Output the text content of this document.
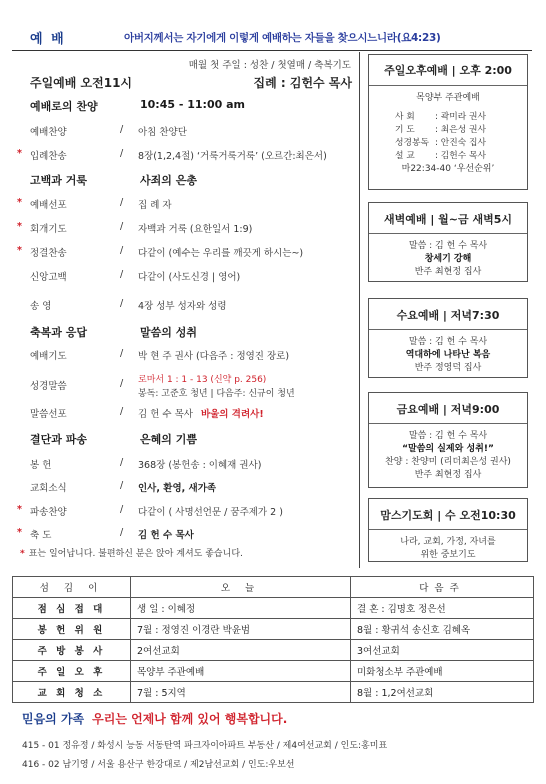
예 배	아버지께서는 자기에게 이렇게 예배하는 자들을 찾으시느니라(요4:23)
매월 첫 주일 : 성찬 / 첫열매 / 축복기도
주일예배 오전11시	집례 : 김헌수 목사
예배로의 찬양	10:45 - 11:00 am
예배찬양	/ 아침 찬양단
* 입례찬송	/ 8장(1,2,4절) ‘거룩거룩거룩’ (오르간:최은서)
고백과 거룩	사죄의 은총
* 예배선포	/ 집 례 자
* 회개기도	/ 자백과 거룩 (요한일서 1:9)
* 정결찬송	/ 다같이 (예수는 우리를 깨끗게 하시는~)
신앙고백	/ 다같이 (사도신경 | 영어)
송 영	/ 4장 성부 성자와 성령
축복과 응답	말씀의 성취
예배기도	/ 박 현 주 권사 (다음주 : 정영진 장로)
성경말씀	/ 로마서 1 : 1 - 13 (신약 p. 256)
봉독: 고준호 청년 | 다음주: 신규이 청년
말씀선포	/ 김 헌 수 목사 바울의 격려사!
결단과 파송	은혜의 기쁨
봉 헌	/ 368장 (봉헌송 : 이혜재 권사)
교회소식	/ 인사, 환영, 새가족
* 파송찬양	/ 다같이 ( 사명선언문 / 꿈주제가 2 )
* 축 도	/ 김 헌 수 목사
* 표는 일어납니다. 불편하신 분은 앉아 계셔도 좋습니다.
주일오후예배 | 오후 2:00

목양부 주관예배

사 회 : 곽미라 권사
기 도 : 최은성 권사
성경봉독 : 안진숙 집사
설 교 : 김헌수 목사

마22:34-40 ‘우선순위’

새벽예배 | 월~금 새벽5시

말씀 : 김 헌 수 목사

창세기 강해

반주 최현정 집사

수요예배 | 저녁7:30

말씀 : 김 헌 수 목사

역대하에 나타난 복음

반주 정영덕 집사

금요예배 | 저녁9:00

말씀 : 김 헌 수 목사

“말씀의 실제와 성취!”

찬양 : 찬양미 (리더최은성 권사)

반주 최현정 집사

맘스기도회 | 수 오전10:30

나라, 교회, 가정, 자녀를

위한 중보기도

섬 김 이	오 늘	다음주
점 심 접 대	생 일 : 이혜정	결 혼 : 김명호 정은선
봉 헌 위 원	7월 : 정영진 이경란 박윤범	8월 : 황귀석 송신호 김혜옥
주 방 봉 사	2여선교회	3여선교회
주 일 오 후	목양부 주관예배	미화청소부 주관예배
교 회 청 소	7월 : 5지역	8월 : 1,2여선교회
믿음의 가족 우리는 언제나 함께 있어 행복합니다.
415 - 01 정유정 / 화성시 능동 서동탄역 파크자이아파트 부동산 / 제4여선교회 / 인도:홍미표
416 - 02 남기영 / 서울 용산구 한강대로 / 제2남선교회 / 인도:우보선
